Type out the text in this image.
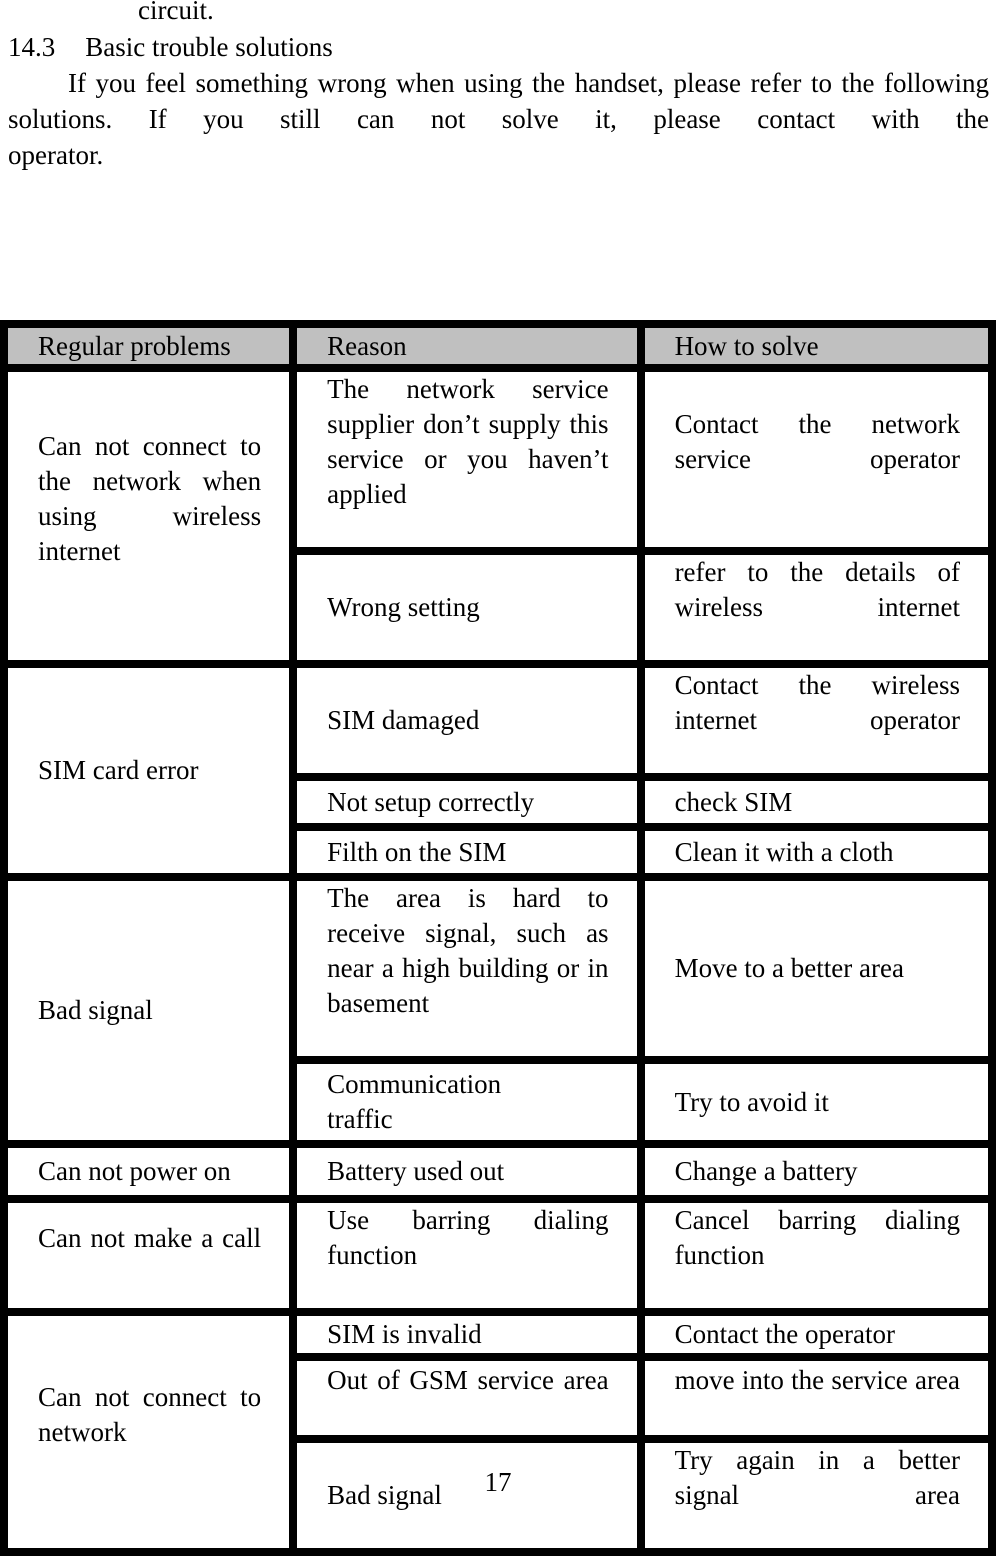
circuit.
14.3 Basic trouble solutions
If you feel something wrong when using the handset, please refer to the following solutions. If you still can not solve it, please contact with the
operator.
Regular problems	Reason	How to solve

Can not connect to the network when using wireless internet	The network service supplier don’t supply this service or you haven’t applied	Contact the network service operator

	Wrong setting	refer to the details of wireless internet

SIM card error	SIM damaged	Contact the wireless internet operator

	Not setup correctly	check SIM
	Filth on the SIM	Clean it with a cloth
Bad signal	The area is hard to receive signal, such as near a high building or in basement	Move to a better area

	Communication traffic	Try to avoid it
Can not power on	Battery used out	Change a battery

Can not make a call	Use barring dialing function	Cancel barring dialing function

Can not connect to network	SIM is invalid	Contact the operator

	Out of GSM service area	move into the service area

	Bad signal	Try again in a better signal area
17
